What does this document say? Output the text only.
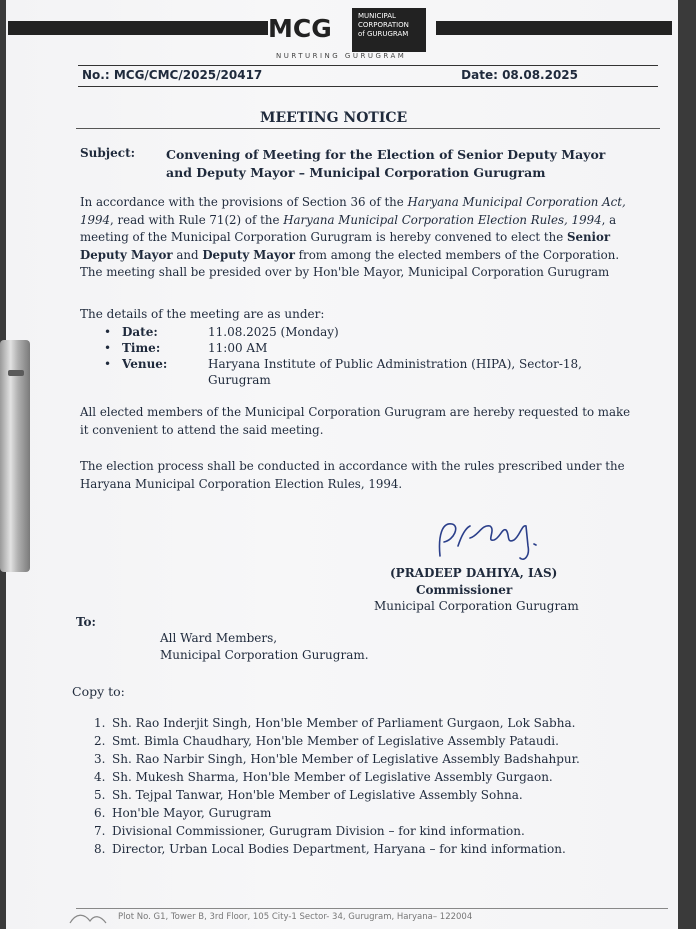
MCG	MUNICIPAL
CORPORATION
of GURUGRAM
NURTURING GURUGRAM
No.: MCG/CMC/2025/20417	Date: 08.08.2025
MEETING NOTICE
Subject: Convening of Meeting for the Election of Senior Deputy Mayor and Deputy Mayor – Municipal Corporation Gurugram
In accordance with the provisions of Section 36 of the Haryana Municipal Corporation Act, 1994, read with Rule 71(2) of the Haryana Municipal Corporation Election Rules, 1994, a meeting of the Municipal Corporation Gurugram is hereby convened to elect the Senior Deputy Mayor and Deputy Mayor from among the elected members of the Corporation. The meeting shall be presided over by Hon'ble Mayor, Municipal Corporation Gurugram
The details of the meeting are as under:
• Date:	11.08.2025 (Monday)
• Time:	11:00 AM
• Venue:	Haryana Institute of Public Administration (HIPA), Sector-18, Gurugram
All elected members of the Municipal Corporation Gurugram are hereby requested to make it convenient to attend the said meeting.
The election process shall be conducted in accordance with the rules prescribed under the Haryana Municipal Corporation Election Rules, 1994.
(PRADEEP DAHIYA, IAS)
Commissioner
Municipal Corporation Gurugram
To:
All Ward Members,
Municipal Corporation Gurugram.
Copy to:
1. Sh. Rao Inderjit Singh, Hon'ble Member of Parliament Gurgaon, Lok Sabha.
2. Smt. Bimla Chaudhary, Hon'ble Member of Legislative Assembly Pataudi.
3. Sh. Rao Narbir Singh, Hon'ble Member of Legislative Assembly Badshahpur.
4. Sh. Mukesh Sharma, Hon'ble Member of Legislative Assembly Gurgaon.
5. Sh. Tejpal Tanwar, Hon'ble Member of Legislative Assembly Sohna.
6. Hon'ble Mayor, Gurugram
7. Divisional Commissioner, Gurugram Division – for kind information.
8. Director, Urban Local Bodies Department, Haryana – for kind information.
Plot No. G1, Tower B, 3rd Floor, 105 City-1 Sector- 34, Gurugram, Haryana– 122004
